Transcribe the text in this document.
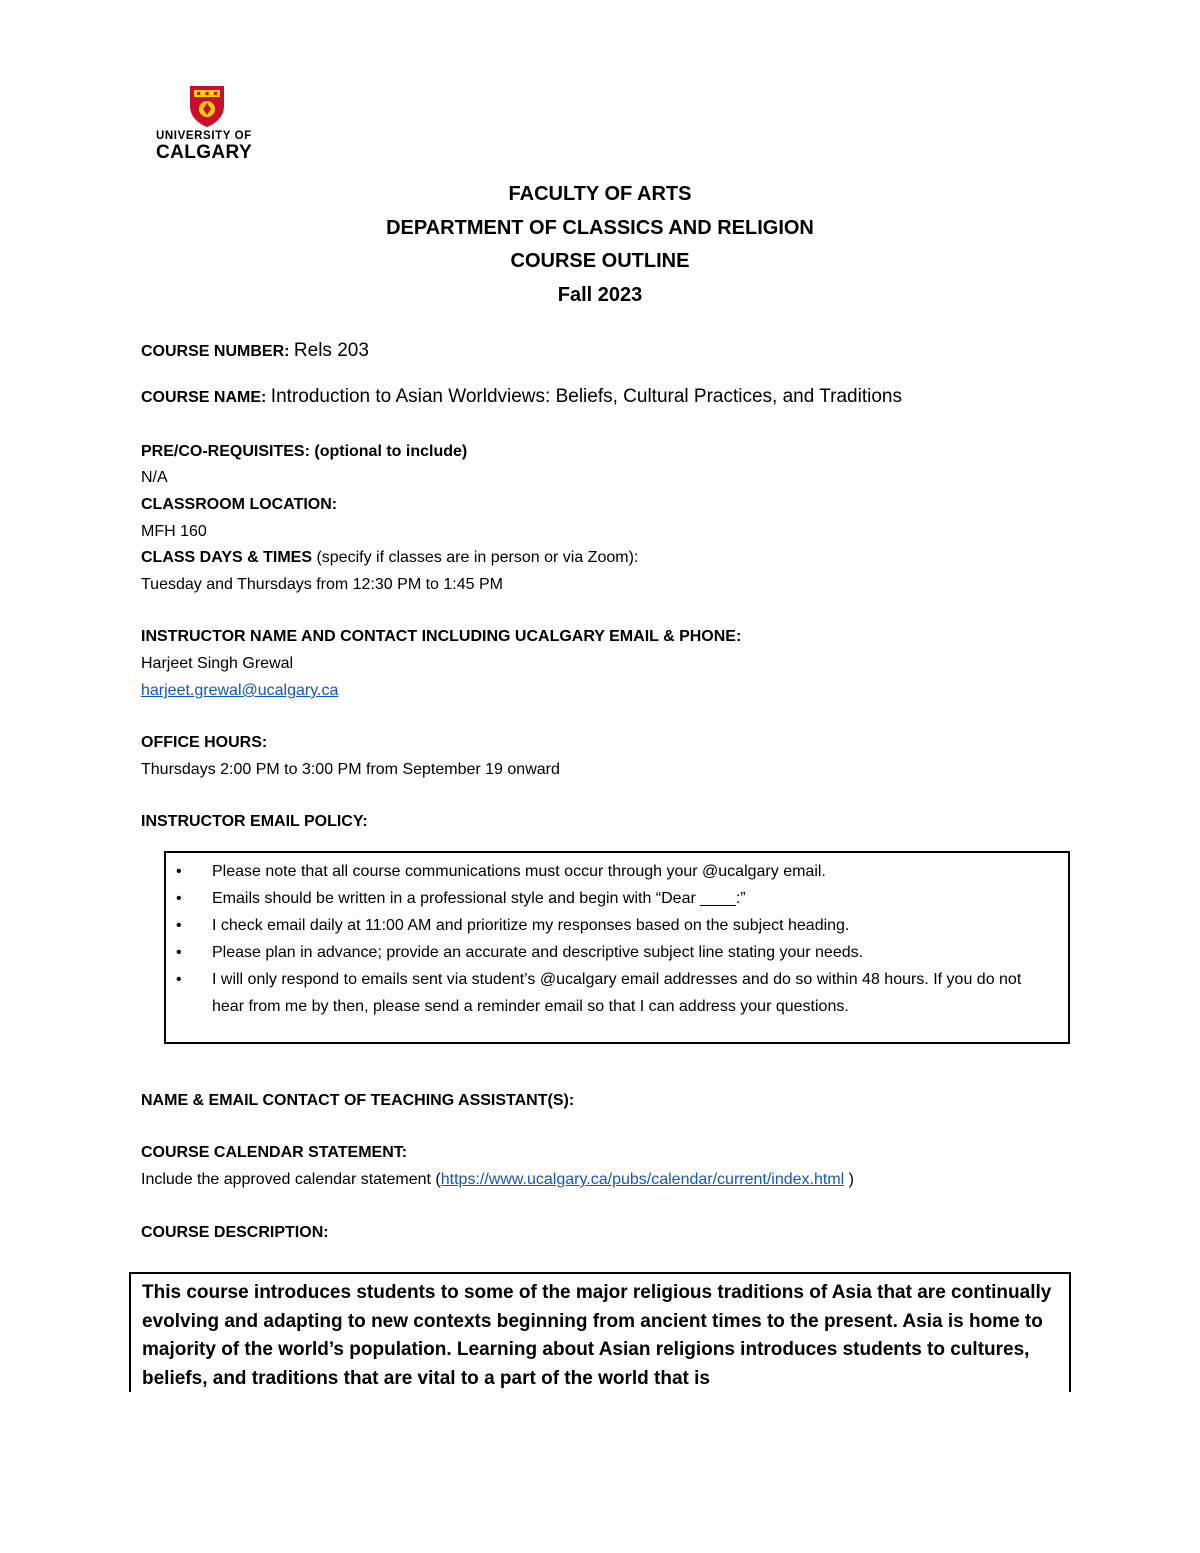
UNIVERSITY OF
CALGARY
FACULTY OF ARTS
DEPARTMENT OF CLASSICS AND RELIGION
COURSE OUTLINE
Fall 2023
COURSE NUMBER: Rels 203
COURSE NAME: Introduction to Asian Worldviews: Beliefs, Cultural Practices, and Traditions
PRE/CO-REQUISITES: (optional to include)
N/A
CLASSROOM LOCATION:
MFH 160
CLASS DAYS & TIMES (specify if classes are in person or via Zoom):
Tuesday and Thursdays from 12:30 PM to 1:45 PM
INSTRUCTOR NAME AND CONTACT INCLUDING UCALGARY EMAIL & PHONE:
Harjeet Singh Grewal
harjeet.grewal@ucalgary.ca
OFFICE HOURS:
Thursdays 2:00 PM to 3:00 PM from September 19 onward
INSTRUCTOR EMAIL POLICY:
• Please note that all course communications must occur through your @ucalgary email.
• Emails should be written in a professional style and begin with “Dear ____:”
• I check email daily at 11:00 AM and prioritize my responses based on the subject heading.
• Please plan in advance; provide an accurate and descriptive subject line stating your needs.
• I will only respond to emails sent via student’s @ucalgary email addresses and do so within 48 hours. If you do not hear from me by then, please send a reminder email so that I can address your questions.
NAME & EMAIL CONTACT OF TEACHING ASSISTANT(S):
COURSE CALENDAR STATEMENT:
Include the approved calendar statement (https://www.ucalgary.ca/pubs/calendar/current/index.html )
COURSE DESCRIPTION:

This course introduces students to some of the major religious traditions of Asia that are continually evolving and adapting to new contexts beginning from ancient times to the present. Asia is home to majority of the world’s population. Learning about Asian religions introduces students to cultures, beliefs, and traditions that are vital to a part of the world that is
